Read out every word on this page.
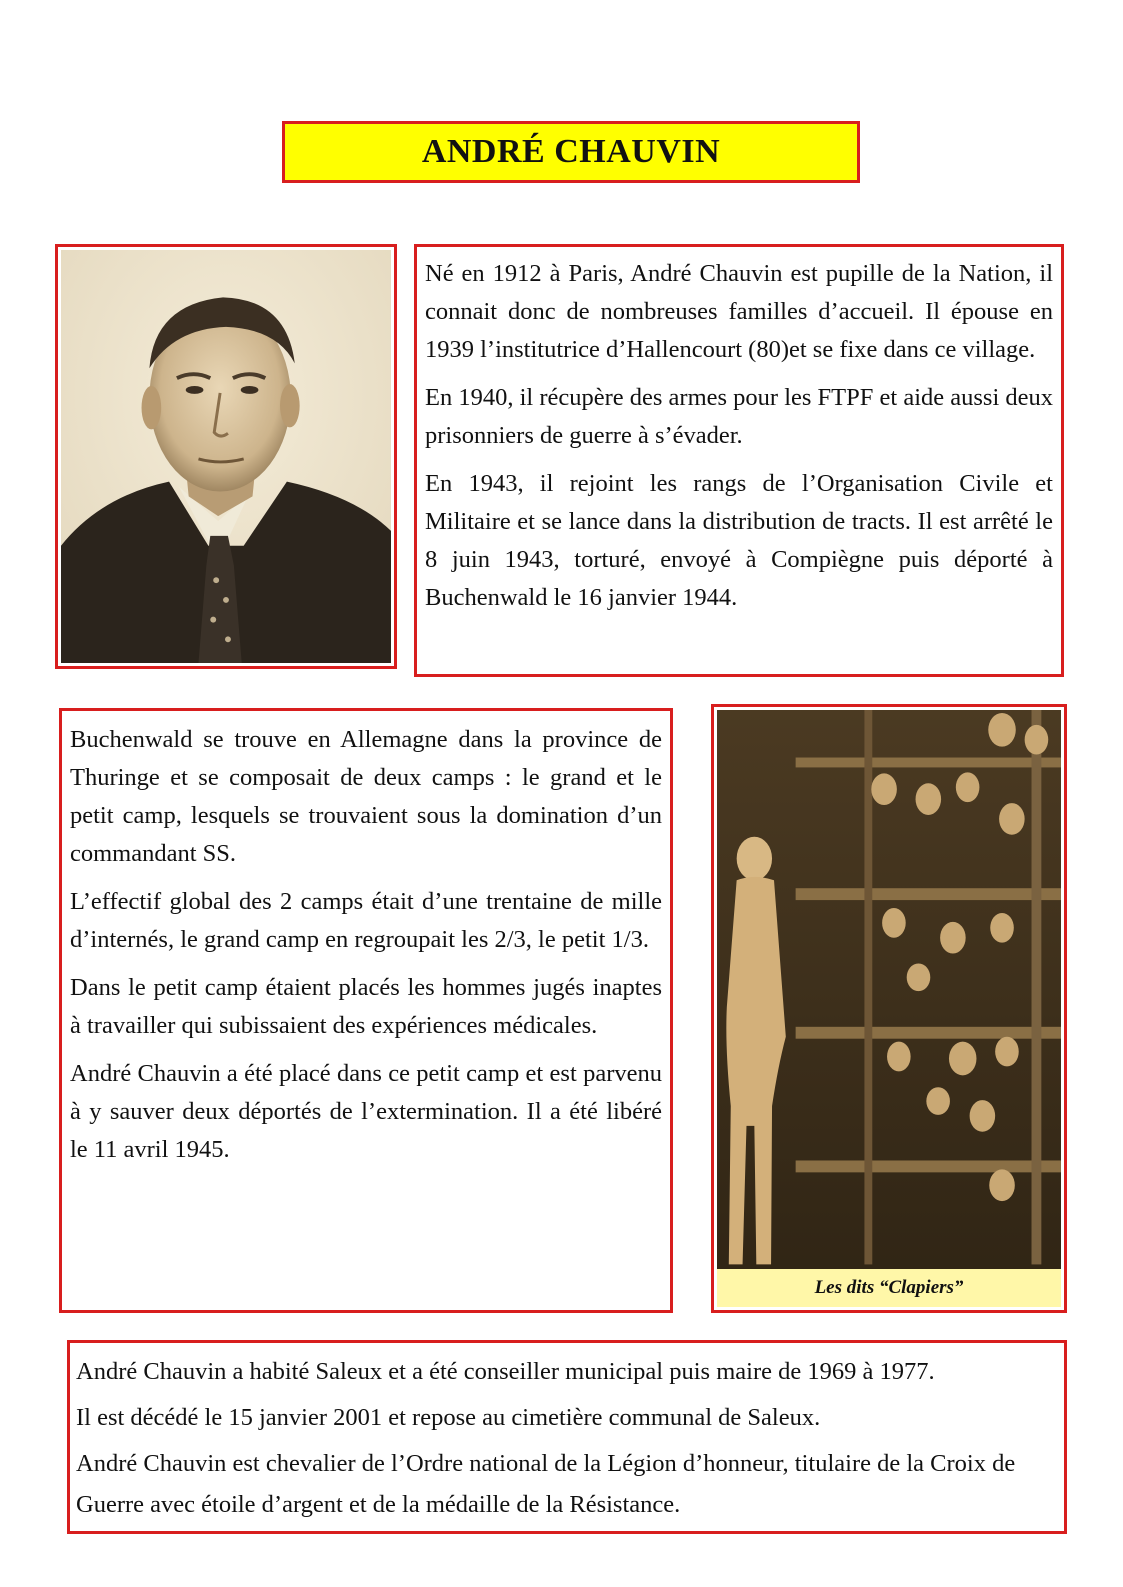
ANDRÉ CHAUVIN

Né en 1912 à Paris, André Chauvin est pupille de la Nation, il connait donc de nombreuses familles d’accueil. Il épouse en 1939 l’institutrice d’Hallencourt (80)et se fixe dans ce village.

En 1940, il récupère des armes pour les FTPF et aide aussi deux prisonniers de guerre à s’évader.

En 1943, il rejoint les rangs de l’Organisation Civile et Militaire et se lance dans la distribution de tracts. Il est arrêté le 8 juin 1943, torturé, envoyé à Compiègne puis déporté à Buchenwald le 16 janvier 1944.

Buchenwald se trouve en Allemagne dans la province de Thuringe et se composait de deux camps : le grand et le petit camp, lesquels se trouvaient sous la domination d’un commandant SS.

L’effectif global des 2 camps était d’une trentaine de mille d’internés, le grand camp en regroupait les 2/3, le petit 1/3.

Dans le petit camp étaient placés les hommes jugés inaptes à travailler qui subissaient des expériences médicales.

André Chauvin a été placé dans ce petit camp et est parvenu à y sauver deux déportés de l’extermination. Il a été libéré le 11 avril 1945.

Les dits “Clapiers”

André Chauvin a habité Saleux et a été conseiller municipal puis maire de 1969 à 1977.

Il est décédé le 15 janvier 2001 et repose au cimetière communal de Saleux.

André Chauvin est chevalier de l’Ordre national de la Légion d’honneur, titulaire de la Croix de Guerre avec étoile d’argent et de la médaille de la Résistance.
